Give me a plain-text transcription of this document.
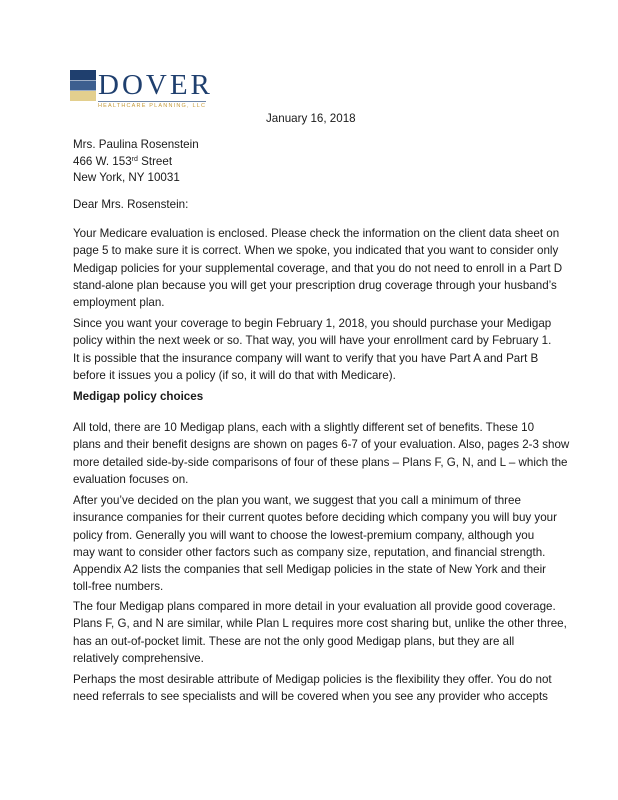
DOVER
HEALTHCARE PLANNING, LLC
January 16, 2018
Mrs. Paulina Rosenstein
466 W. 153rd Street
New York, NY 10031
Dear Mrs. Rosenstein:
Your Medicare evaluation is enclosed. Please check the information on the client data sheet on
page 5 to make sure it is correct. When we spoke, you indicated that you want to consider only
Medigap policies for your supplemental coverage, and that you do not need to enroll in a Part D
stand-alone plan because you will get your prescription drug coverage through your husband’s
employment plan.
Since you want your coverage to begin February 1, 2018, you should purchase your Medigap
policy within the next week or so. That way, you will have your enrollment card by February 1.
It is possible that the insurance company will want to verify that you have Part A and Part B
before it issues you a policy (if so, it will do that with Medicare).
Medigap policy choices
All told, there are 10 Medigap plans, each with a slightly different set of benefits. These 10
plans and their benefit designs are shown on pages 6-7 of your evaluation. Also, pages 2-3 show
more detailed side-by-side comparisons of four of these plans – Plans F, G, N, and L – which the
evaluation focuses on.
After you’ve decided on the plan you want, we suggest that you call a minimum of three
insurance companies for their current quotes before deciding which company you will buy your
policy from. Generally you will want to choose the lowest-premium company, although you
may want to consider other factors such as company size, reputation, and financial strength.
Appendix A2 lists the companies that sell Medigap policies in the state of New York and their
toll-free numbers.
The four Medigap plans compared in more detail in your evaluation all provide good coverage.
Plans F, G, and N are similar, while Plan L requires more cost sharing but, unlike the other three,
has an out-of-pocket limit. These are not the only good Medigap plans, but they are all
relatively comprehensive.
Perhaps the most desirable attribute of Medigap policies is the flexibility they offer. You do not
need referrals to see specialists and will be covered when you see any provider who accepts
